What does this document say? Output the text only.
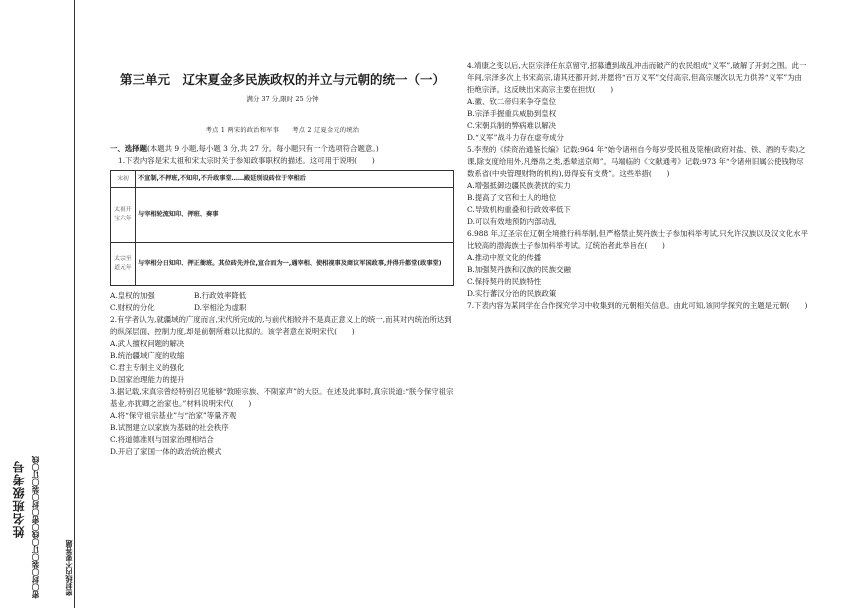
姓名班级考号 密〇封〇装〇订〇线〇密〇封〇装〇订〇线	密封线内不要答题
第三单元　辽宋夏金多民族政权的并立与元朝的统一（一）
满分 37 分,限时 25 分钟
考点 1 两宋的政治和军事　　考点 2 辽夏金元的统治
一、选择题(本题共 9 小题,每小题 3 分,共 27 分。每小题只有一个选项符合题意。)

1.下表内容是宋太祖和宋太宗时关于参知政事职权的描述。这可用于说明(　　)

宋初	不宣制,不押班,不知印,不升政事堂……殿廷别设砖位于宰相后
太祖开宝六年	与宰相轮流知印、押班、奏事
太宗至道元年	与宰相分日知印、押正衙班。其位砖先并位,宣合而为一,遇宰相、使相视事及商议军国政事,并得升都堂(政事堂)
A.皇权的加强	B.行政效率降低
C.财权的分化	D.宰相沦为虚职

2.有学者认为,就疆域的广度而言,宋代所完成的,与前代相较并不是真正意义上的统一,而其对内统治所达到的纵深层面、控制力度,却是前朝所难以比拟的。该学者意在说明宋代(　　)

A.武人擅权问题的解决

B.统治疆域广度的收缩

C.君主专制主义的强化

D.国家治理能力的提升

3.据记载,宋真宗曾经特别召见能够“敦睦宗族、不陨家声”的大臣。在述及此事时,真宗说道:“朕今保守祖宗基业,亦犹卿之治家也。”材料说明宋代(　　)

A.将“保守祖宗基业”与“治家”等量齐观

B.试图建立以家族为基础的社会秩序

C.将道德准则与国家治理相结合

D.开启了家国一体的政治统治模式

4.靖康之变以后,大臣宗泽任东京留守,招募遭到战乱冲击而破产的农民组成“义军”,破解了开封之围。此一年间,宗泽多次上书宋高宗,请其还都开封,并愿将“百万义军”交付高宗,但高宗屡次以无力供养“义军”为由拒绝宗泽。这反映出宋高宗主要在担忧(　　)

A.徽、钦二帝归来争夺皇位

B.宗泽手握重兵威胁到皇权

C.宋朝兵制的弊病难以解决

D.“义军”战斗力存在虚夸成分

5.李焘的《续资治通鉴长编》记载:964 年“始令诸州自今每岁受民租及筦榷(政府对盐、铁、酒的专卖)之课,除支度给用外,凡缗帛之类,悉辇送京师”。马端临的《文献通考》记载:973 年“令诸州旧属公使钱物尽数系省(中央管理财物的机构),毋得妄有支费”。这些举措(　　)

A.增强抵御边疆民族袭扰的实力

B.提高了文官和士人的地位

C.导致机构重叠和行政效率低下

D.可以有效地预防内部动乱

6.988 年,辽圣宗在辽朝全境推行科举制,但严格禁止契丹族士子参加科举考试,只允许汉族以及汉文化水平比较高的渤海族士子参加科举考试。辽统治者此举旨在(　　)

A.推动中原文化的传播

B.加强契丹族和汉族的民族交融

C.保持契丹的民族特性

D.实行蕃汉分治的民族政策

7.下表内容为某同学在合作探究学习中收集到的元朝相关信息。由此可知,该同学探究的主题是元朝(　　)
